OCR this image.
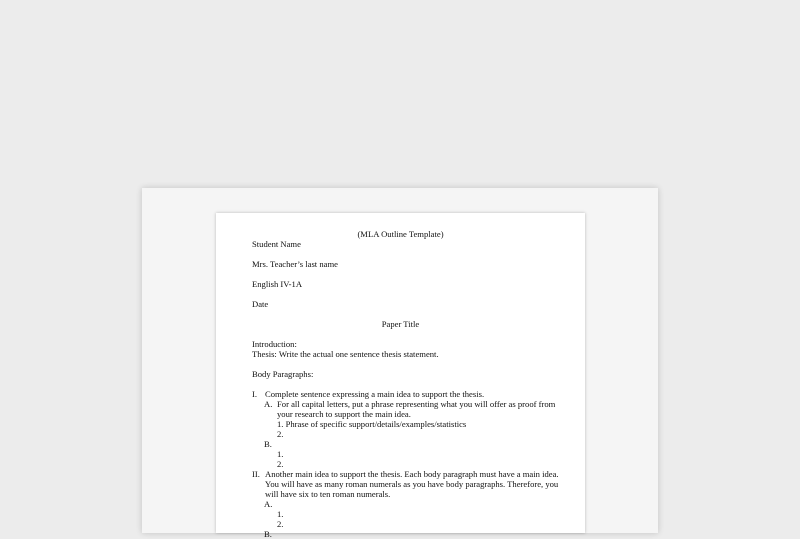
(MLA Outline Template)
Student Name
Mrs. Teacher’s last name
English IV-1A
Date
Paper Title
Introduction:
Thesis: Write the actual one sentence thesis statement.
Body Paragraphs:
I. Complete sentence expressing a main idea to support the thesis.
A. For all capital letters, put a phrase representing what you will offer as proof from
your research to support the main idea.
1. Phrase of specific support/details/examples/statistics
2.
B.
1.
2.
II. Another main idea to support the thesis. Each body paragraph must have a main idea.
You will have as many roman numerals as you have body paragraphs. Therefore, you
will have six to ten roman numerals.
A.
1.
2.
B.
